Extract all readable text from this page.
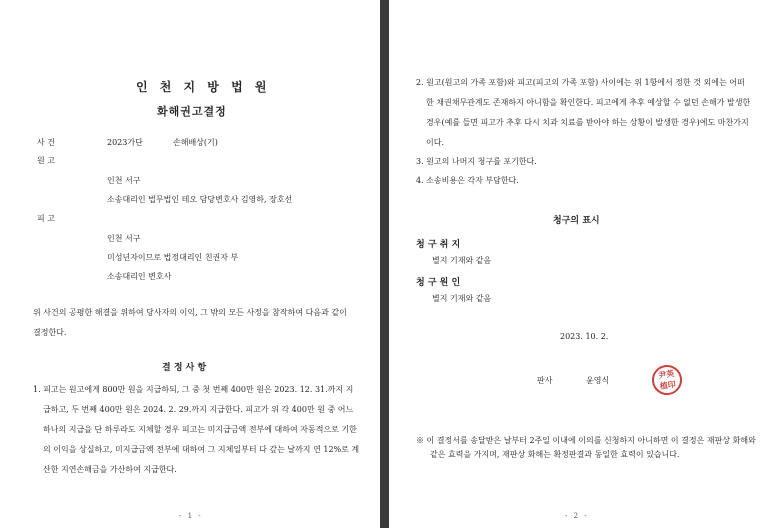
인 천 지 방 법 원
화해권고결정
사 건	2023가단	손해배상(기)
원 고
인천 서구
소송대리인 법무법인 테오 담당변호사 김영하, 장호선
피 고
인천 서구
미성년자이므로 법정대리인 친권자 부
소송대리인 변호사
위 사건의 공평한 해결을 위하여 당사자의 이익, 그 밖의 모든 사정을 참작하여 다음과 같이 결정한다.
결 정 사 항
1. 피고는 원고에게 800만 원을 지급하되, 그 중 첫 번째 400만 원은 2023. 12. 31.까지 지급하고, 두 번째 400만 원은 2024. 2. 29.까지 지급한다. 피고가 위 각 400만 원 중 어느 하나의 지급을 단 하루라도 지체할 경우 피고는 미지급금액 전부에 대하여 자동적으로 기한의 이익을 상실하고, 미지급금액 전부에 대하여 그 지체일부터 다 갚는 날까지 연 12%로 계산한 지연손해금을 가산하여 지급한다.
- 1 -
2. 원고(원고의 가족 포함)와 피고(피고의 가족 포함) 사이에는 위 1항에서 정한 것 외에는 어떠한 채권채무관계도 존재하지 아니함을 확인한다. 피고에게 추후 예상할 수 없던 손해가 발생한 경우(예를 들면 피고가 추후 다시 치과 치료를 받아야 하는 상황이 발생한 경우)에도 마찬가지이다.
3. 원고의 나머지 청구를 포기한다.
4. 소송비용은 각자 부담한다.
청구의 표시
청 구 취 지
별지 기재와 같음
청 구 원 인
별지 기재와 같음
2023. 10. 2.
판사	윤영식
尹英植印
※ 이 결정서를 송달받은 날부터 2주일 이내에 이의를 신청하지 아니하면 이 결정은 재판상 화해와 같은 효력을 가지며, 재판상 화해는 확정판결과 동일한 효력이 있습니다.
- 2 -
